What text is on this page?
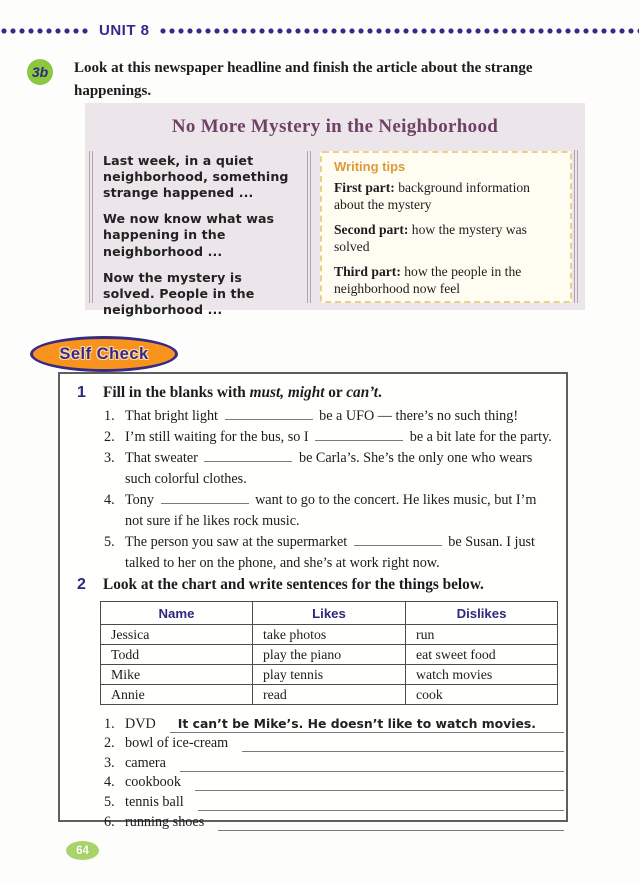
UNIT 8
3b	Look at this newspaper headline and finish the article about the strange happenings.
No More Mystery in the Neighborhood

Last week, in a quiet neighborhood, something strange happened ...

We now know what was happening in the neighborhood ...

Now the mystery is solved. People in the neighborhood ...

Writing tips

First part: background information about the mystery

Second part: how the mystery was solved

Third part: how the people in the neighborhood now feel

Self Check
1 Fill in the blanks with must, might or can’t.
1. That bright light	be a UFO — there’s no such thing!
2. I’m still waiting for the bus, so I	be a bit late for the party.
3. That sweater	be Carla’s. She’s the only one who wears such colorful clothes.
4. Tony	want to go to the concert. He likes music, but I’m not sure if he likes rock music.
5. The person you saw at the supermarket	be Susan. I just talked to her on the phone, and she’s at work right now.
2 Look at the chart and write sentences for the things below.
Name	Likes	Dislikes
Jessica	take photos	run
Todd	play the piano	eat sweet food
Mike	play tennis	watch movies
Annie	read	cook
1. DVD	It can’t be Mike’s. He doesn’t like to watch movies.
2. bowl of ice-cream
3. camera
4. cookbook
5. tennis ball
6. running shoes
64
